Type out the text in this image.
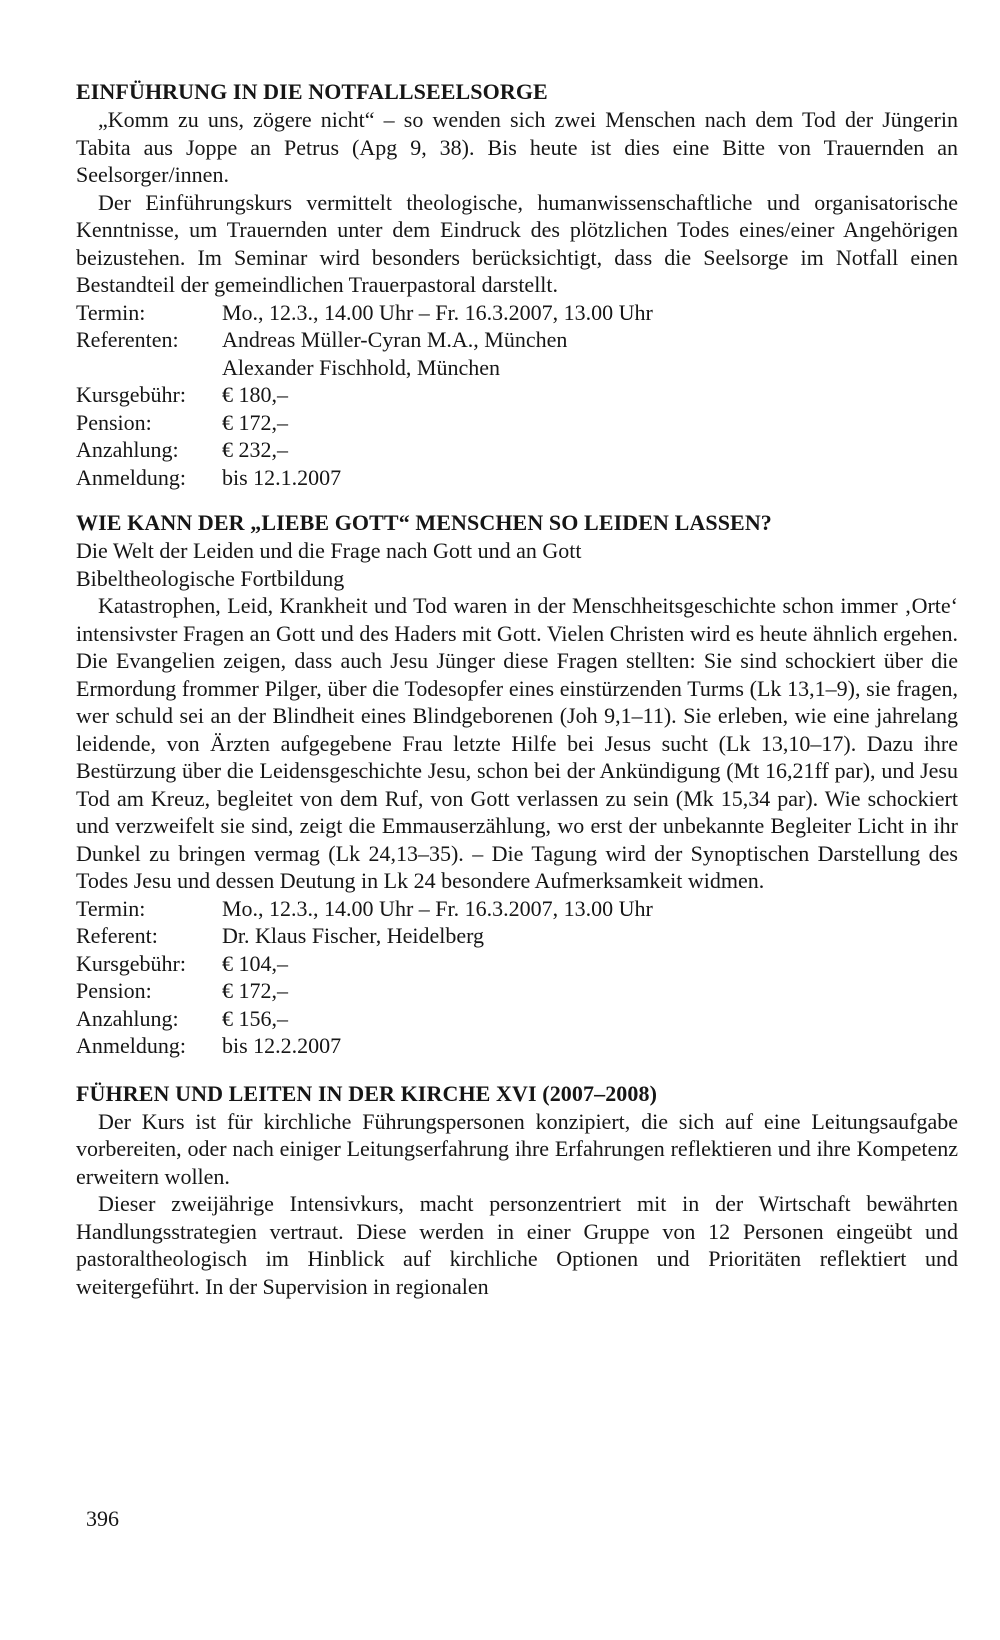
EINFÜHRUNG IN DIE NOTFALLSEELSORGE

„Komm zu uns, zögere nicht“ – so wenden sich zwei Menschen nach dem Tod der Jüngerin Tabita aus Joppe an Petrus (Apg 9, 38). Bis heute ist dies eine Bitte von Trauernden an Seelsorger/innen.

Der Einführungskurs vermittelt theologische, humanwissenschaftliche und organisatorische Kenntnisse, um Trauernden unter dem Eindruck des plötzlichen Todes eines/einer Angehörigen beizustehen. Im Seminar wird besonders berücksichtigt, dass die Seelsorge im Notfall einen Bestandteil der gemeindlichen Trauerpastoral darstellt.

Termin:	Mo., 12.3., 14.00 Uhr – Fr. 16.3.2007, 13.00 Uhr
Referenten:	Andreas Müller-Cyran M.A., München
Alexander Fischhold, München
Kursgebühr:	€ 180,–
Pension:	€ 172,–
Anzahlung:	€ 232,–
Anmeldung:	bis 12.1.2007
WIE KANN DER „LIEBE GOTT“ MENSCHEN SO LEIDEN LASSEN?

Die Welt der Leiden und die Frage nach Gott und an Gott

Bibeltheologische Fortbildung

Katastrophen, Leid, Krankheit und Tod waren in der Menschheitsgeschichte schon immer ‚Orte‘ intensivster Fragen an Gott und des Haders mit Gott. Vielen Christen wird es heute ähnlich ergehen. Die Evangelien zeigen, dass auch Jesu Jünger diese Fragen stellten: Sie sind schockiert über die Ermordung frommer Pilger, über die Todesopfer eines einstürzenden Turms (Lk 13,1–9), sie fragen, wer schuld sei an der Blindheit eines Blindgeborenen (Joh 9,1–11). Sie erleben, wie eine jahrelang leidende, von Ärzten aufgegebene Frau letzte Hilfe bei Jesus sucht (Lk 13,10–17). Dazu ihre Bestürzung über die Leidensgeschichte Jesu, schon bei der Ankündigung (Mt 16,21ff par), und Jesu Tod am Kreuz, begleitet von dem Ruf, von Gott verlassen zu sein (Mk 15,34 par). Wie schockiert und verzweifelt sie sind, zeigt die Emmauserzählung, wo erst der unbekannte Begleiter Licht in ihr Dunkel zu bringen vermag (Lk 24,13–35). – Die Tagung wird der Synoptischen Darstellung des Todes Jesu und dessen Deutung in Lk 24 besondere Aufmerksamkeit widmen.

Termin:	Mo., 12.3., 14.00 Uhr – Fr. 16.3.2007, 13.00 Uhr
Referent:	Dr. Klaus Fischer, Heidelberg
Kursgebühr:	€ 104,–
Pension:	€ 172,–
Anzahlung:	€ 156,–
Anmeldung:	bis 12.2.2007
FÜHREN UND LEITEN IN DER KIRCHE XVI (2007–2008)

Der Kurs ist für kirchliche Führungspersonen konzipiert, die sich auf eine Leitungsaufgabe vorbereiten, oder nach einiger Leitungserfahrung ihre Erfahrungen reflektieren und ihre Kompetenz erweitern wollen.

Dieser zweijährige Intensivkurs, macht personzentriert mit in der Wirtschaft bewährten Handlungsstrategien vertraut. Diese werden in einer Gruppe von 12 Personen eingeübt und pastoraltheologisch im Hinblick auf kirchliche Optionen und Prioritäten reflektiert und weitergeführt. In der Supervision in regionalen

396
